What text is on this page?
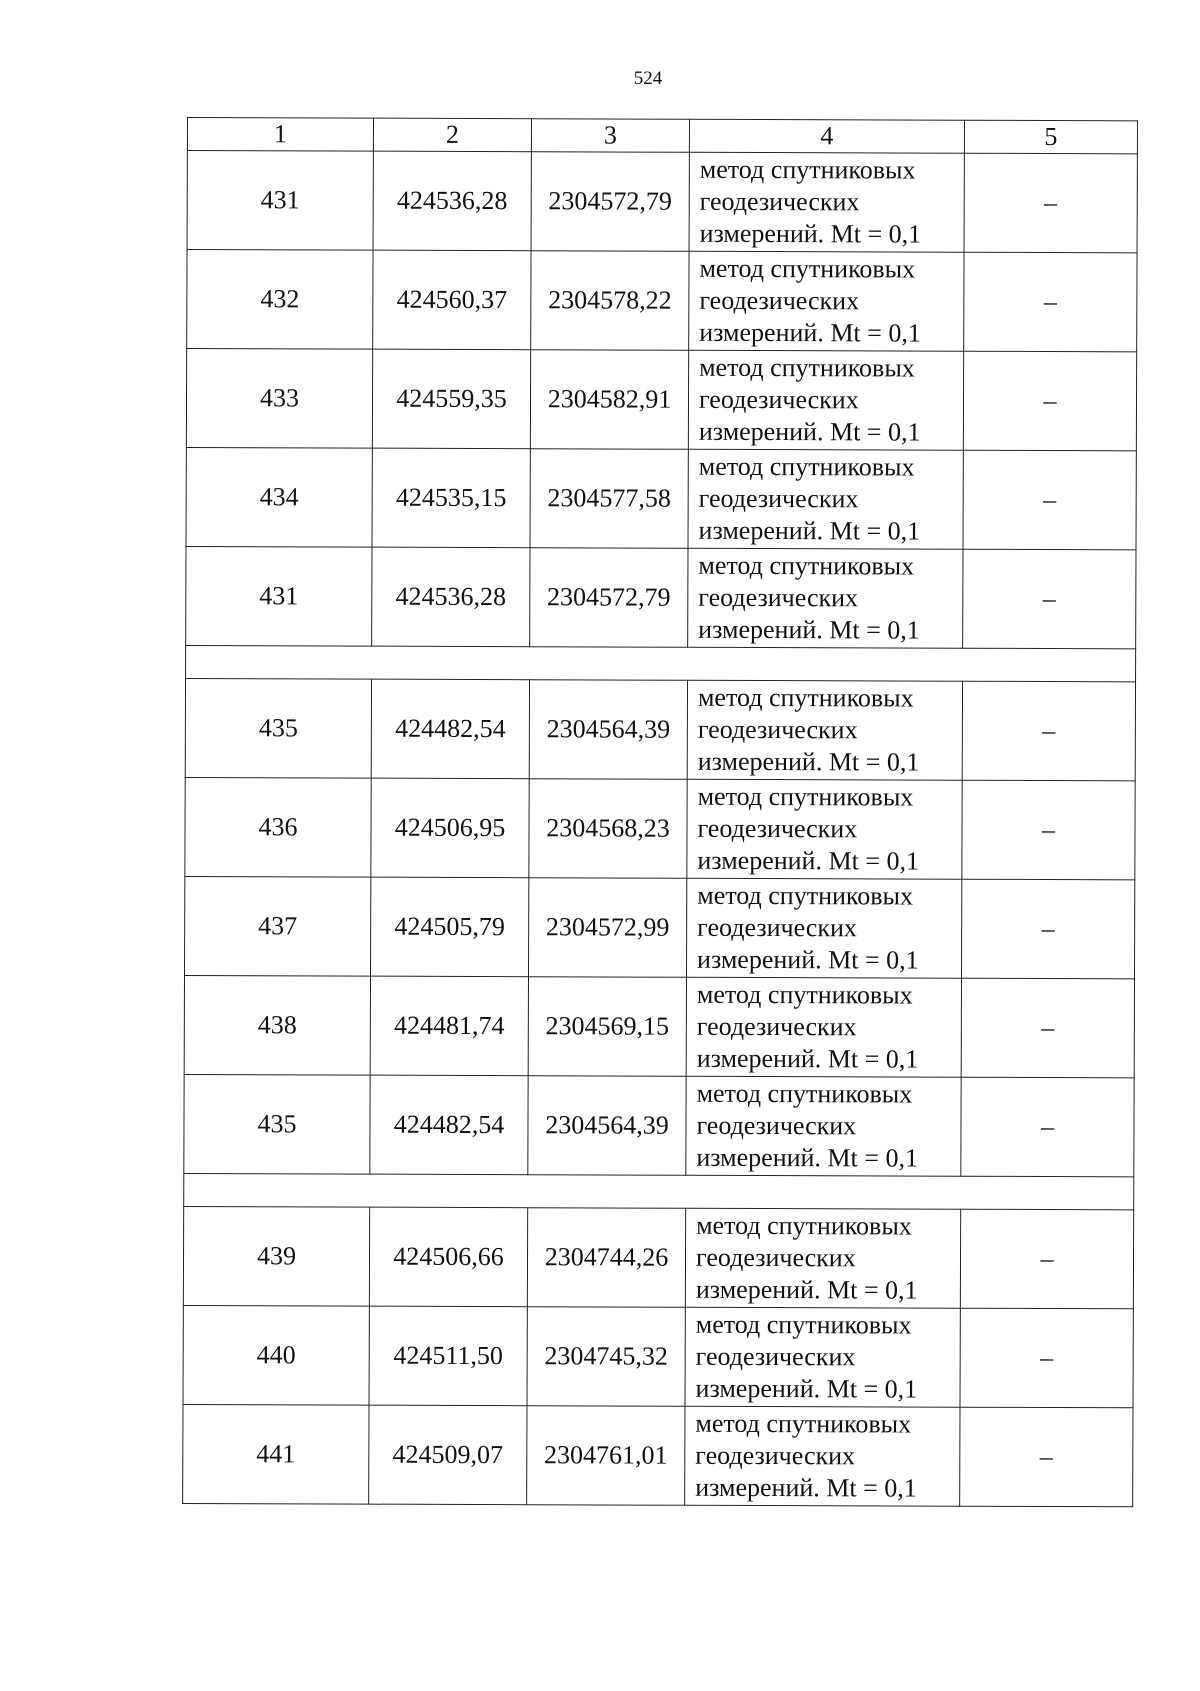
524
1	2	3	4	5
431	424536,28	2304572,79	метод спутниковых
геодезических
измерений. Mt = 0,1	–
432	424560,37	2304578,22	метод спутниковых
геодезических
измерений. Mt = 0,1	–
433	424559,35	2304582,91	метод спутниковых
геодезических
измерений. Mt = 0,1	–
434	424535,15	2304577,58	метод спутниковых
геодезических
измерений. Mt = 0,1	–
431	424536,28	2304572,79	метод спутниковых
геодезических
измерений. Mt = 0,1	–

435	424482,54	2304564,39	метод спутниковых
геодезических
измерений. Mt = 0,1	–
436	424506,95	2304568,23	метод спутниковых
геодезических
измерений. Mt = 0,1	–
437	424505,79	2304572,99	метод спутниковых
геодезических
измерений. Mt = 0,1	–
438	424481,74	2304569,15	метод спутниковых
геодезических
измерений. Mt = 0,1	–
435	424482,54	2304564,39	метод спутниковых
геодезических
измерений. Mt = 0,1	–

439	424506,66	2304744,26	метод спутниковых
геодезических
измерений. Mt = 0,1	–
440	424511,50	2304745,32	метод спутниковых
геодезических
измерений. Mt = 0,1	–
441	424509,07	2304761,01	метод спутниковых
геодезических
измерений. Mt = 0,1	–
